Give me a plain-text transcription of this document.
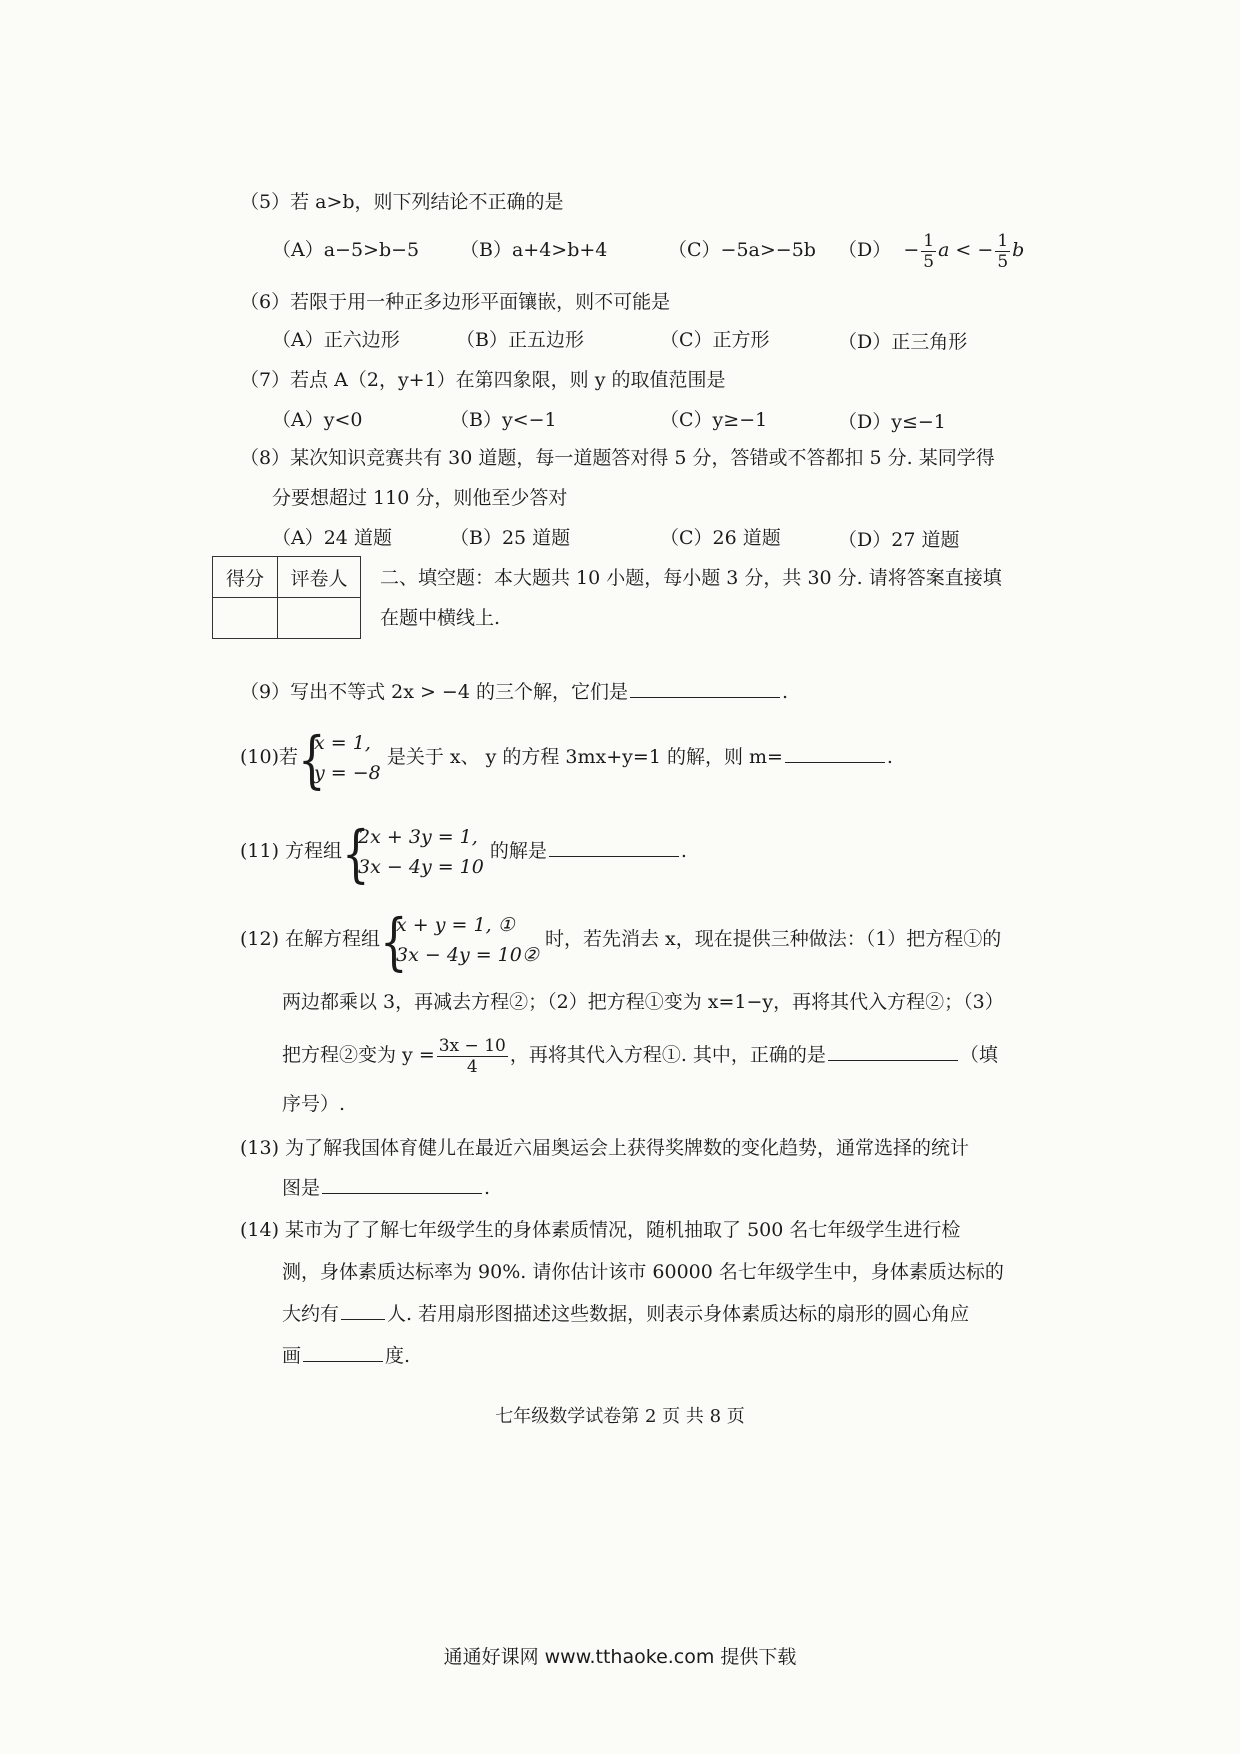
（5）若 a>b，则下列结论不正确的是
（A）a−5>b−5 （B）a+4>b+4	（C）−5a>−5b $(D) - \frac{1}{5}$ a < − $\frac{1}{5}$ b
（6）若限于用一种正多边形平面镶嵌，则不可能是
（A）正六边形	（B）正五边形	（C）正方形	（D）正三角形
（7）若点 A（2，y+1）在第四象限，则 y 的取值范围是
（A）y<0	（B）y<−1	（C）y≥−1	（D）y≤−1
（8）某次知识竞赛共有 30 道题，每一道题答对得 5 分，答错或不答都扣 5 分. 某同学得
分要想超过 110 分，则他至少答对
（A）24 道题	（B）25 道题	（C）26 道题	（D）27 道题
得分	评卷人
	二、填空题：本大题共 10 小题，每小题 3 分，共 30 分. 请将答案直接填
在题中横线上.
（9）写出不等式 2x > −4 的三个解，它们是	.
(10)若 {
x = 1,
y = −8
是关于 x、 y 的方程 3mx+y=1 的解，则 m=	.
(11) 方程组 {
2x + 3y = 1,
3x − 4y = 10
的解是	.
(12) 在解方程组 {
x + y = 1, ①
3x − 4y = 10②
时，若先消去 x，现在提供三种做法：（1）把方程①的
两边都乘以 3，再减去方程②；（2）把方程①变为 x=1−y，再将其代入方程②；（3）
把方程②变为 $y = \frac{3x - 10}{4}$ ，再将其代入方程①. 其中，正确的是	（填
序号）.
(13) 为了解我国体育健儿在最近六届奥运会上获得奖牌数的变化趋势，通常选择的统计
图是	.
(14) 某市为了了解七年级学生的身体素质情况，随机抽取了 500 名七年级学生进行检
测，身体素质达标率为 90%. 请你估计该市 60000 名七年级学生中，身体素质达标的
大约有	人. 若用扇形图描述这些数据，则表示身体素质达标的扇形的圆心角应
画	度.
七年级数学试卷第 2 页 共 8 页
通通好课网 www.tthaoke.com 提供下载
